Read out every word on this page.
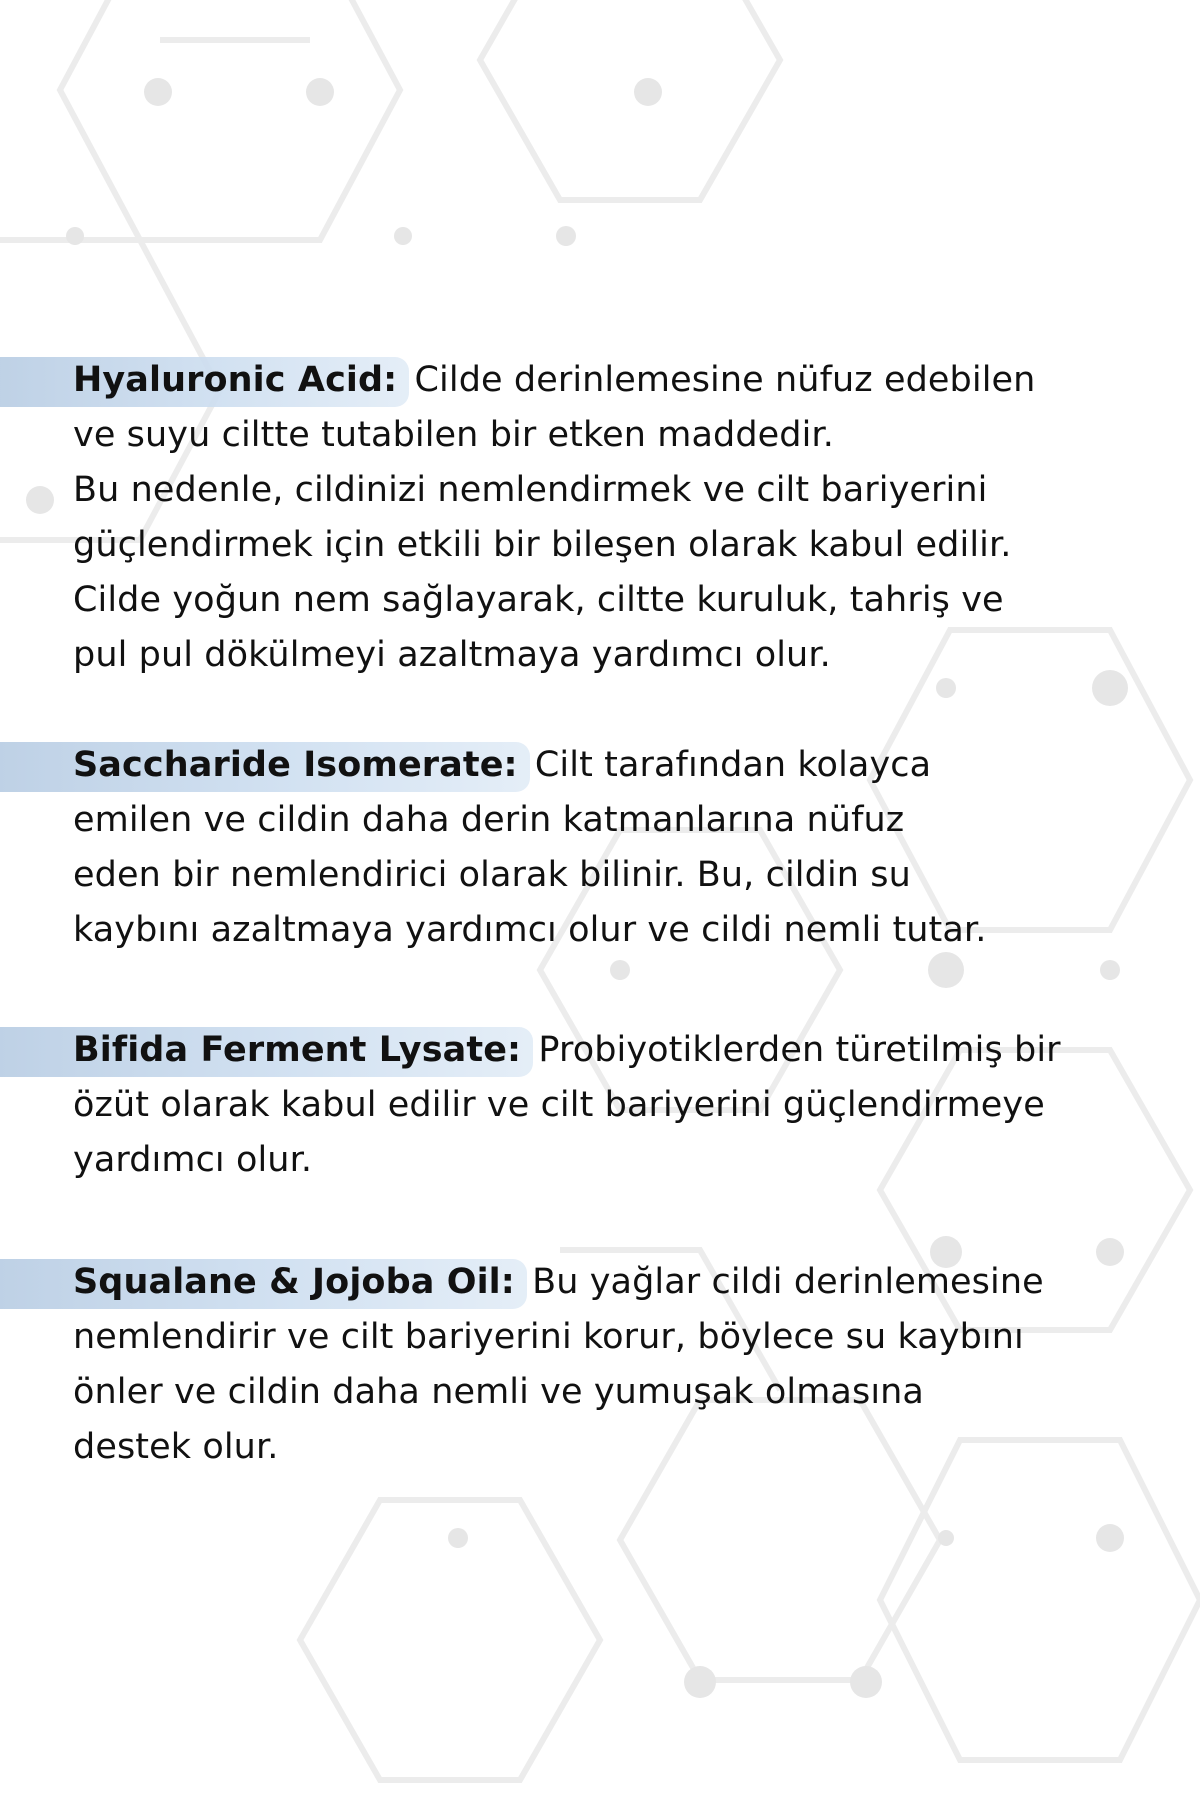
Hyaluronic Acid: Cilde derinlemesine nüfuz edebilen
ve suyu ciltte tutabilen bir etken maddedir.
Bu nedenle, cildinizi nemlendirmek ve cilt bariyerini
güçlendirmek için etkili bir bileşen olarak kabul edilir.
Cilde yoğun nem sağlayarak, ciltte kuruluk, tahriş ve
pul pul dökülmeyi azaltmaya yardımcı olur.

Saccharide Isomerate: Cilt tarafından kolayca
emilen ve cildin daha derin katmanlarına nüfuz
eden bir nemlendirici olarak bilinir. Bu, cildin su
kaybını azaltmaya yardımcı olur ve cildi nemli tutar.

Bifida Ferment Lysate: Probiyotiklerden türetilmiş bir
özüt olarak kabul edilir ve cilt bariyerini güçlendirmeye
yardımcı olur.

Squalane & Jojoba Oil: Bu yağlar cildi derinlemesine
nemlendirir ve cilt bariyerini korur, böylece su kaybını
önler ve cildin daha nemli ve yumuşak olmasına
destek olur.
